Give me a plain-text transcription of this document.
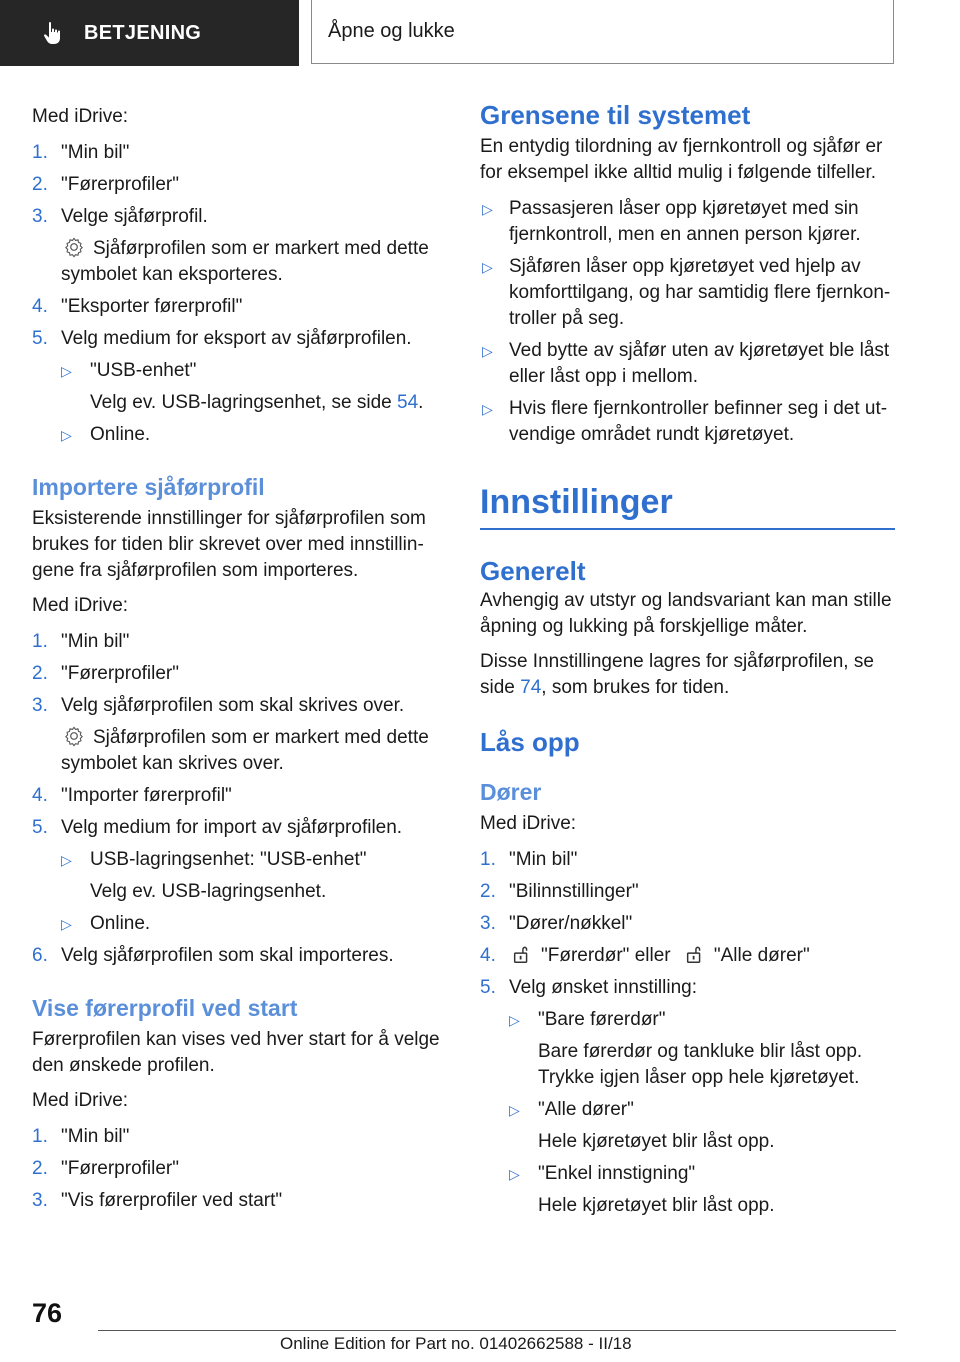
BETJENING	Åpne og lukke

Med iDrive:

1. "Min bil"
2. "Førerprofiler"
3. Velge sjåførprofil.
Sjåførprofilen som er markert med dette symbolet kan eksporteres.
4. "Eksporter førerprofil"
5. Velg medium for eksport av sjåførprofilen.
▷ "USB-enhet"
Velg ev. USB-lagringsenhet, se side 54.
▷ Online.
Importere sjåførprofil

Eksisterende innstillinger for sjåførprofilen som brukes for tiden blir skrevet over med innstillingene fra sjåførprofilen som importeres.

Med iDrive:

1. "Min bil"
2. "Førerprofiler"
3. Velg sjåførprofilen som skal skrives over.
Sjåførprofilen som er markert med dette symbolet kan skrives over.
4. "Importer førerprofil"
5. Velg medium for import av sjåførprofilen.
▷ USB-lagringsenhet: "USB-enhet"
Velg ev. USB-lagringsenhet.
▷ Online.
6. Velg sjåførprofilen som skal importeres.
Vise førerprofil ved start

Førerprofilen kan vises ved hver start for å velge den ønskede profilen.

Med iDrive:

1. "Min bil"
2. "Førerprofiler"
3. "Vis førerprofiler ved start"
Grensene til systemet

En entydig tilordning av fjernkontroll og sjåfør er for eksempel ikke alltid mulig i følgende tilfeller.

▷ Passasjeren låser opp kjøretøyet med sin fjernkontroll, men en annen person kjører.
▷ Sjåføren låser opp kjøretøyet ved hjelp av komforttilgang, og har samtidig flere fjernkontroller på seg.
▷ Ved bytte av sjåfør uten av kjøretøyet ble låst eller låst opp i mellom.
▷ Hvis flere fjernkontroller befinner seg i det utvendige området rundt kjøretøyet.
Innstillinger
Generelt

Avhengig av utstyr og landsvariant kan man stille åpning og lukking på forskjellige måter.

Disse Innstillingene lagres for sjåførprofilen, se side 74, som brukes for tiden.

Lås opp
Dører

Med iDrive:

1. "Min bil"
2. "Bilinnstillinger"
3. "Dører/nøkkel"
4. "Førerdør" eller "Alle dører"
5. Velg ønsket innstilling:
▷ "Bare førerdør"
Bare førerdør og tankluke blir låst opp. Trykke igjen låser opp hele kjøretøyet.
▷ "Alle dører"
Hele kjøretøyet blir låst opp.
▷ "Enkel innstigning"
Hele kjøretøyet blir låst opp.
76
Online Edition for Part no. 01402662588 - II/18
